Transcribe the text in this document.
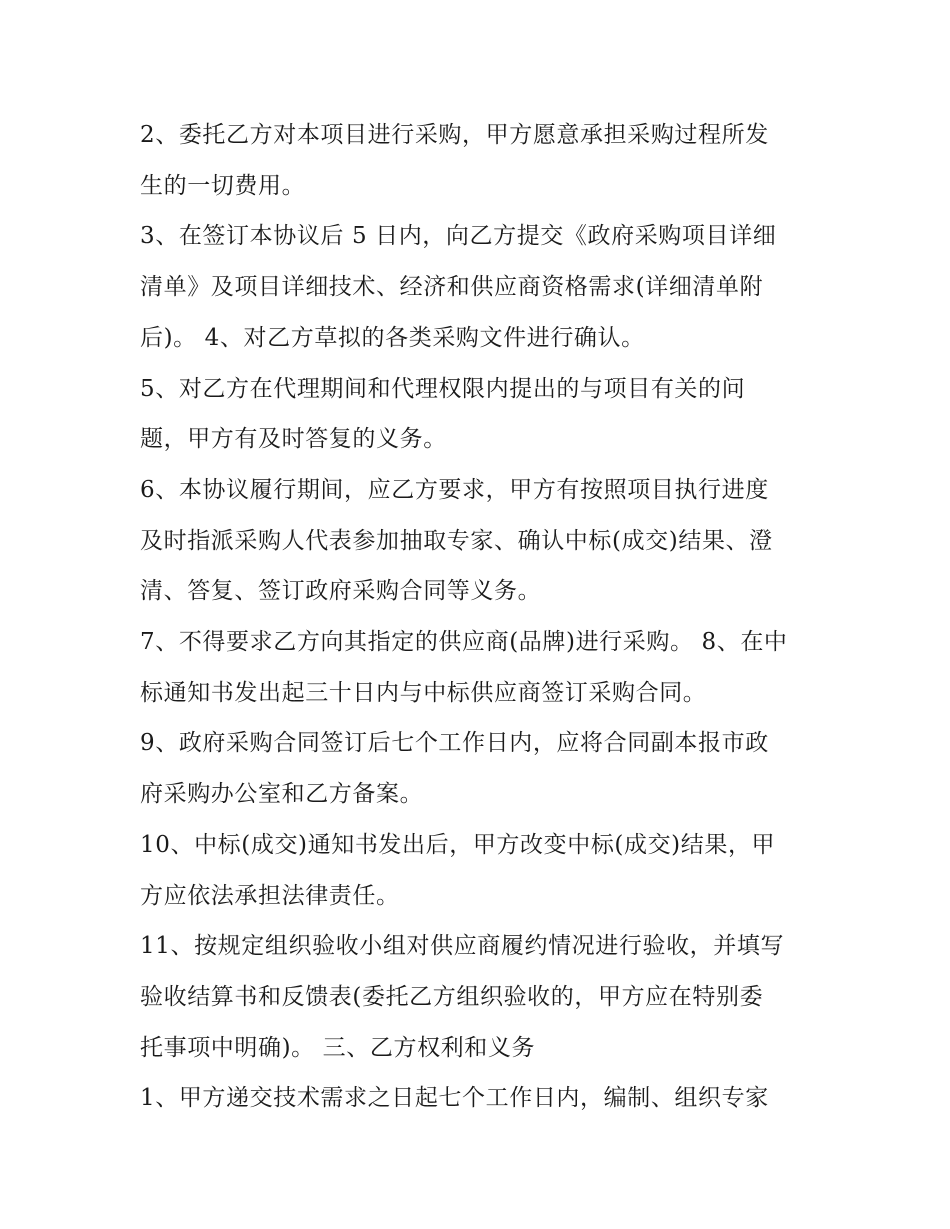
2、委托乙方对本项目进行采购，甲方愿意承担采购过程所发
生的一切费用。

3、在签订本协议后 5 日内，向乙方提交《政府采购项目详细
清单》及项目详细技术、经济和供应商资格需求(详细清单附
后)。 4、对乙方草拟的各类采购文件进行确认。

5、对乙方在代理期间和代理权限内提出的与项目有关的问
题，甲方有及时答复的义务。

6、本协议履行期间，应乙方要求，甲方有按照项目执行进度
及时指派采购人代表参加抽取专家、确认中标(成交)结果、澄
清、答复、签订政府采购合同等义务。

7、不得要求乙方向其指定的供应商(品牌)进行采购。 8、在中
标通知书发出起三十日内与中标供应商签订采购合同。

9、政府采购合同签订后七个工作日内，应将合同副本报市政
府采购办公室和乙方备案。

10、中标(成交)通知书发出后，甲方改变中标(成交)结果，甲
方应依法承担法律责任。

11、按规定组织验收小组对供应商履约情况进行验收，并填写
验收结算书和反馈表(委托乙方组织验收的，甲方应在特别委
托事项中明确)。 三、乙方权利和义务

1、甲方递交技术需求之日起七个工作日内，编制、组织专家
